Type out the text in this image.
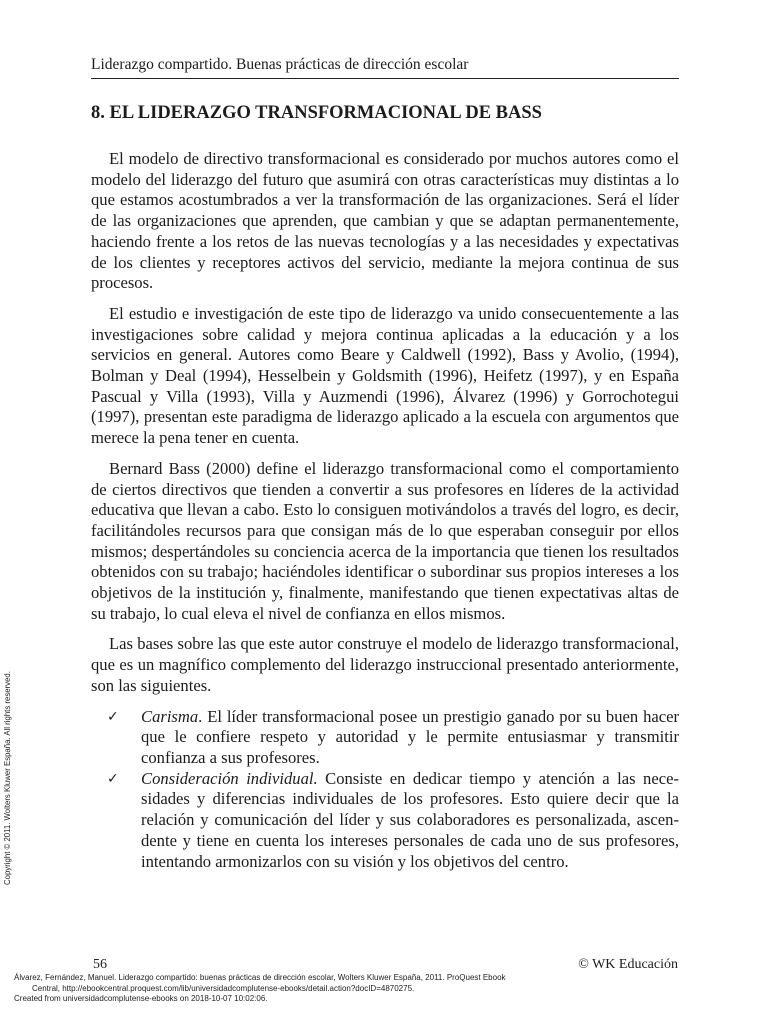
Liderazgo compartido. Buenas prácticas de dirección escolar
8. EL LIDERAZGO TRANSFORMACIONAL DE BASS

El modelo de directivo transformacional es considerado por muchos autores como el modelo del liderazgo del futuro que asumirá con otras características muy distintas a lo que estamos acostumbrados a ver la transformación de las organizaciones. Será el líder de las organizaciones que aprenden, que cambian y que se adaptan permanentemente, haciendo frente a los retos de las nuevas tecnologías y a las necesidades y expectativas de los clientes y receptores activos del servicio, mediante la mejora continua de sus procesos.

El estudio e investigación de este tipo de liderazgo va unido consecuentemente a las investigaciones sobre calidad y mejora continua aplicadas a la educación y a los servicios en general. Autores como Beare y Caldwell (1992), Bass y Avolio, (1994), Bolman y Deal (1994), Hesselbein y Goldsmith (1996), Heifetz (1997), y en España Pascual y Villa (1993), Villa y Auzmendi (1996), Álvarez (1996) y Gorrochotegui (1997), presentan este paradigma de liderazgo aplicado a la escuela con argumentos que merece la pena tener en cuenta.

Bernard Bass (2000) define el liderazgo transformacional como el comportamiento de ciertos directivos que tienden a convertir a sus profesores en líderes de la actividad educativa que llevan a cabo. Esto lo consiguen motivándolos a través del logro, es decir, facilitándoles recursos para que consigan más de lo que esperaban conseguir por ellos mismos; despertándoles su conciencia acerca de la importancia que tienen los resultados obtenidos con su trabajo; haciéndoles identificar o subordinar sus propios intereses a los objetivos de la institución y, finalmente, manifestando que tienen expectativas altas de su trabajo, lo cual eleva el nivel de confianza en ellos mismos.

Las bases sobre las que este autor construye el modelo de liderazgo transformacional, que es un magnífico complemento del liderazgo instruccional presentado anteriormente, son las siguientes.

✓ Carisma. El líder transformacional posee un prestigio ganado por su buen hacer que le confiere respeto y autoridad y le permite entusiasmar y transmitir confianza a sus profesores.
✓ Consideración individual. Consiste en dedicar tiempo y atención a las necesidades y diferencias individuales de los profesores. Esto quiere decir que la relación y comunicación del líder y sus colaboradores es personalizada, ascendente y tiene en cuenta los intereses personales de cada uno de sus profesores, intentando armonizarlos con su visión y los objetivos del centro.
Copyright © 2011. Wolters Kluwer España. All rights reserved.
56	© WK Educación
Álvarez, Fernández, Manuel. Liderazgo compartido: buenas prácticas de dirección escolar, Wolters Kluwer España, 2011. ProQuest Ebook
Central, http://ebookcentral.proquest.com/lib/universidadcomplutense-ebooks/detail.action?docID=4870275.
Created from universidadcomplutense-ebooks on 2018-10-07 10:02:06.
